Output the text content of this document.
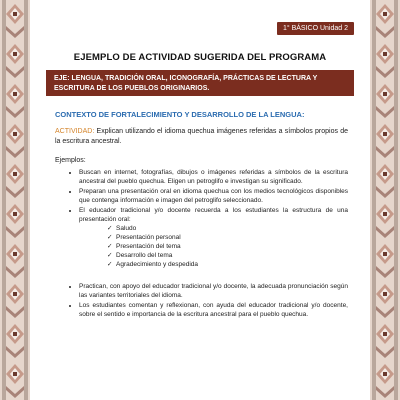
1° BÁSICO Unidad 2
EJEMPLO DE ACTIVIDAD SUGERIDA DEL PROGRAMA
EJE: LENGUA, TRADICIÓN ORAL, ICONOGRAFÍA, PRÁCTICAS DE LECTURA Y ESCRITURA DE LOS PUEBLOS ORIGINARIOS.
CONTEXTO DE FORTALECIMIENTO Y DESARROLLO DE LA LENGUA:
ACTIVIDAD: Explican utilizando el idioma quechua imágenes referidas a símbolos propios de la escritura ancestral.
Ejemplos:
• Buscan en internet, fotografías, dibujos o imágenes referidas a símbolos de la escritura ancestral del pueblo quechua. Eligen un petroglifo e investigan su significado.
• Preparan una presentación oral en idioma quechua con los medios tecnológicos disponibles que contenga información e imagen del petroglifo seleccionado.
• El educador tradicional y/o docente recuerda a los estudiantes la estructura de una presentación oral:
✓ Saludo
✓ Presentación personal
✓ Presentación del tema
✓ Desarrollo del tema
✓ Agradecimiento y despedida
• Practican, con apoyo del educador tradicional y/o docente, la adecuada pronunciación según las variantes territoriales del idioma.
• Los estudiantes comentan y reflexionan, con ayuda del educador tradicional y/o docente, sobre el sentido e importancia de la escritura ancestral para el pueblo quechua.
